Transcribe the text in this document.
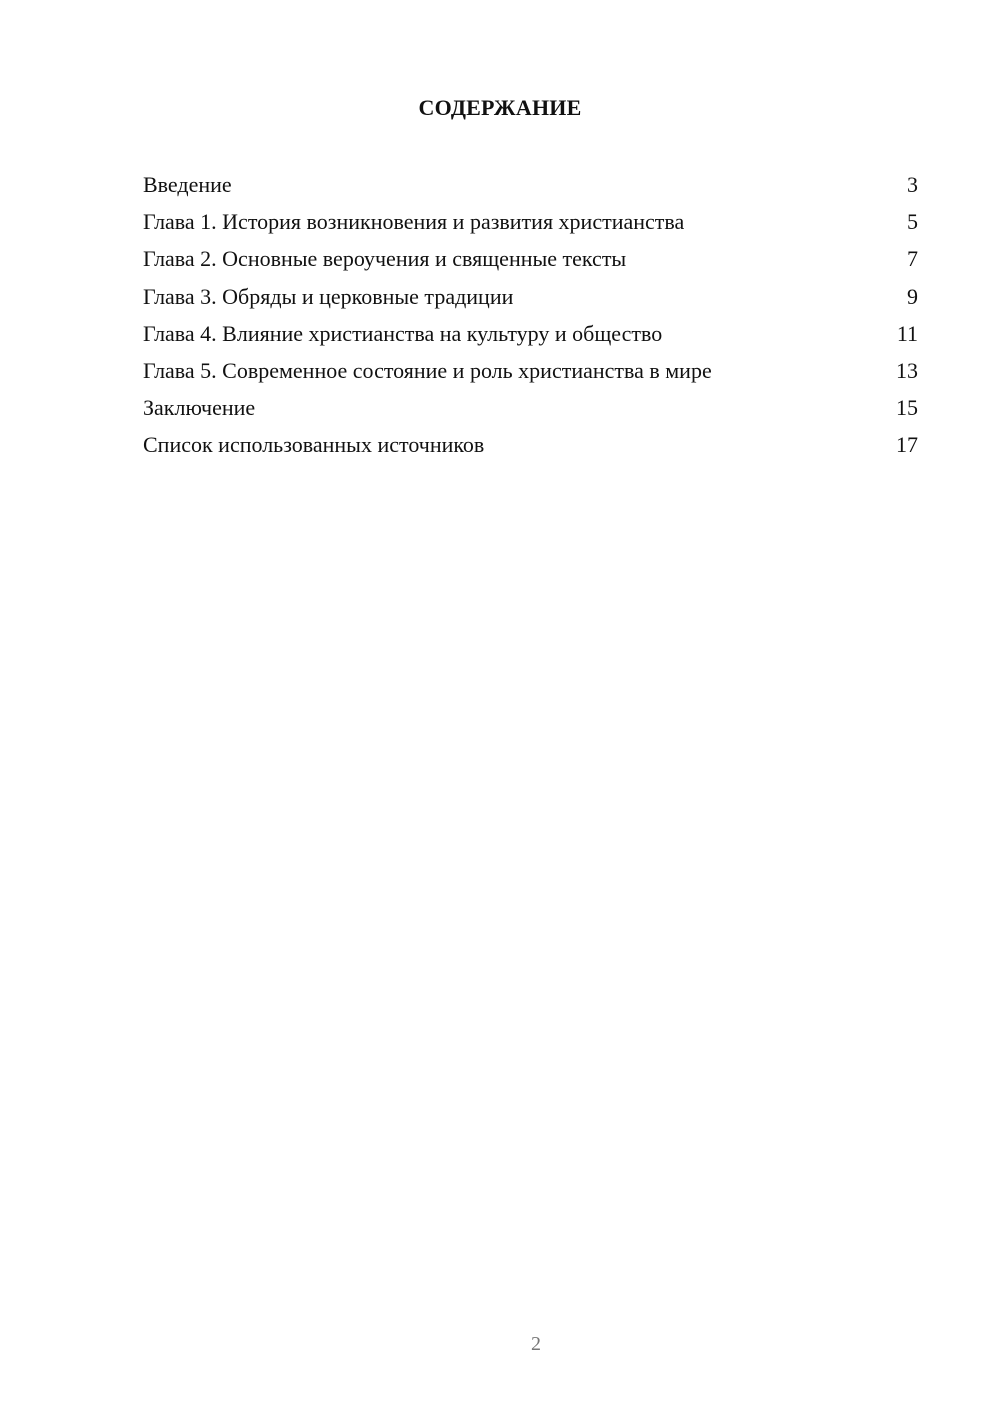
СОДЕРЖАНИЕ
Введение	3
Глава 1. История возникновения и развития христианства	5
Глава 2. Основные вероучения и священные тексты	7
Глава 3. Обряды и церковные традиции	9
Глава 4. Влияние христианства на культуру и общество	11
Глава 5. Современное состояние и роль христианства в мире	13
Заключение	15
Список использованных источников	17
2
